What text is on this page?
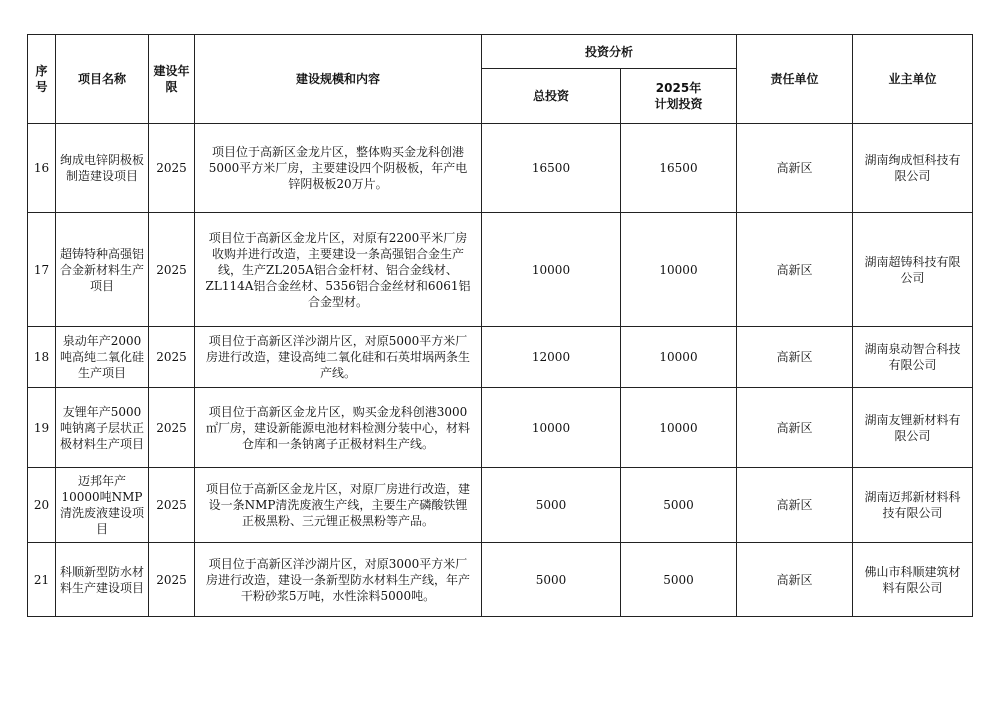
序号	项目名称	建设年限	建设规模和内容	投资分析		责任单位	业主单位
				总投资	2025年
计划投资		
16	绚成电锌阴极板制造建设项目	2025	项目位于高新区金龙片区，整体购买金龙科创港5000平方米厂房，主要建设四个阴极板，年产电锌阴极板20万片。	16500	16500	高新区	湖南绚成恒科技有限公司
17	超铸特种高强铝合金新材料生产项目	2025	项目位于高新区金龙片区，对原有2200平米厂房收购并进行改造，主要建设一条高强铝合金生产线，生产ZL205A铝合金杆材、铝合金线材、ZL114A铝合金丝材、5356铝合金丝材和6061铝合金型材。	10000	10000	高新区	湖南超铸科技有限公司
18	泉动年产2000吨高纯二氧化硅生产项目	2025	项目位于高新区洋沙湖片区，对原5000平方米厂房进行改造，建设高纯二氧化硅和石英坩埚两条生产线。	12000	10000	高新区	湖南泉动智合科技有限公司
19	友锂年产5000吨钠离子层状正极材料生产项目	2025	项目位于高新区金龙片区，购买金龙科创港3000㎡厂房，建设新能源电池材料检测分装中心，材料仓库和一条钠离子正极材料生产线。	10000	10000	高新区	湖南友锂新材料有限公司
20	迈邦年产10000吨NMP清洗废液建设项目	2025	项目位于高新区金龙片区，对原厂房进行改造，建设一条NMP清洗废液生产线，主要生产磷酸铁锂正极黑粉、三元锂正极黑粉等产品。	5000	5000	高新区	湖南迈邦新材料科技有限公司
21	科顺新型防水材料生产建设项目	2025	项目位于高新区洋沙湖片区，对原3000平方米厂房进行改造，建设一条新型防水材料生产线，年产干粉砂浆5万吨，水性涂料5000吨。	5000	5000	高新区	佛山市科顺建筑材料有限公司
